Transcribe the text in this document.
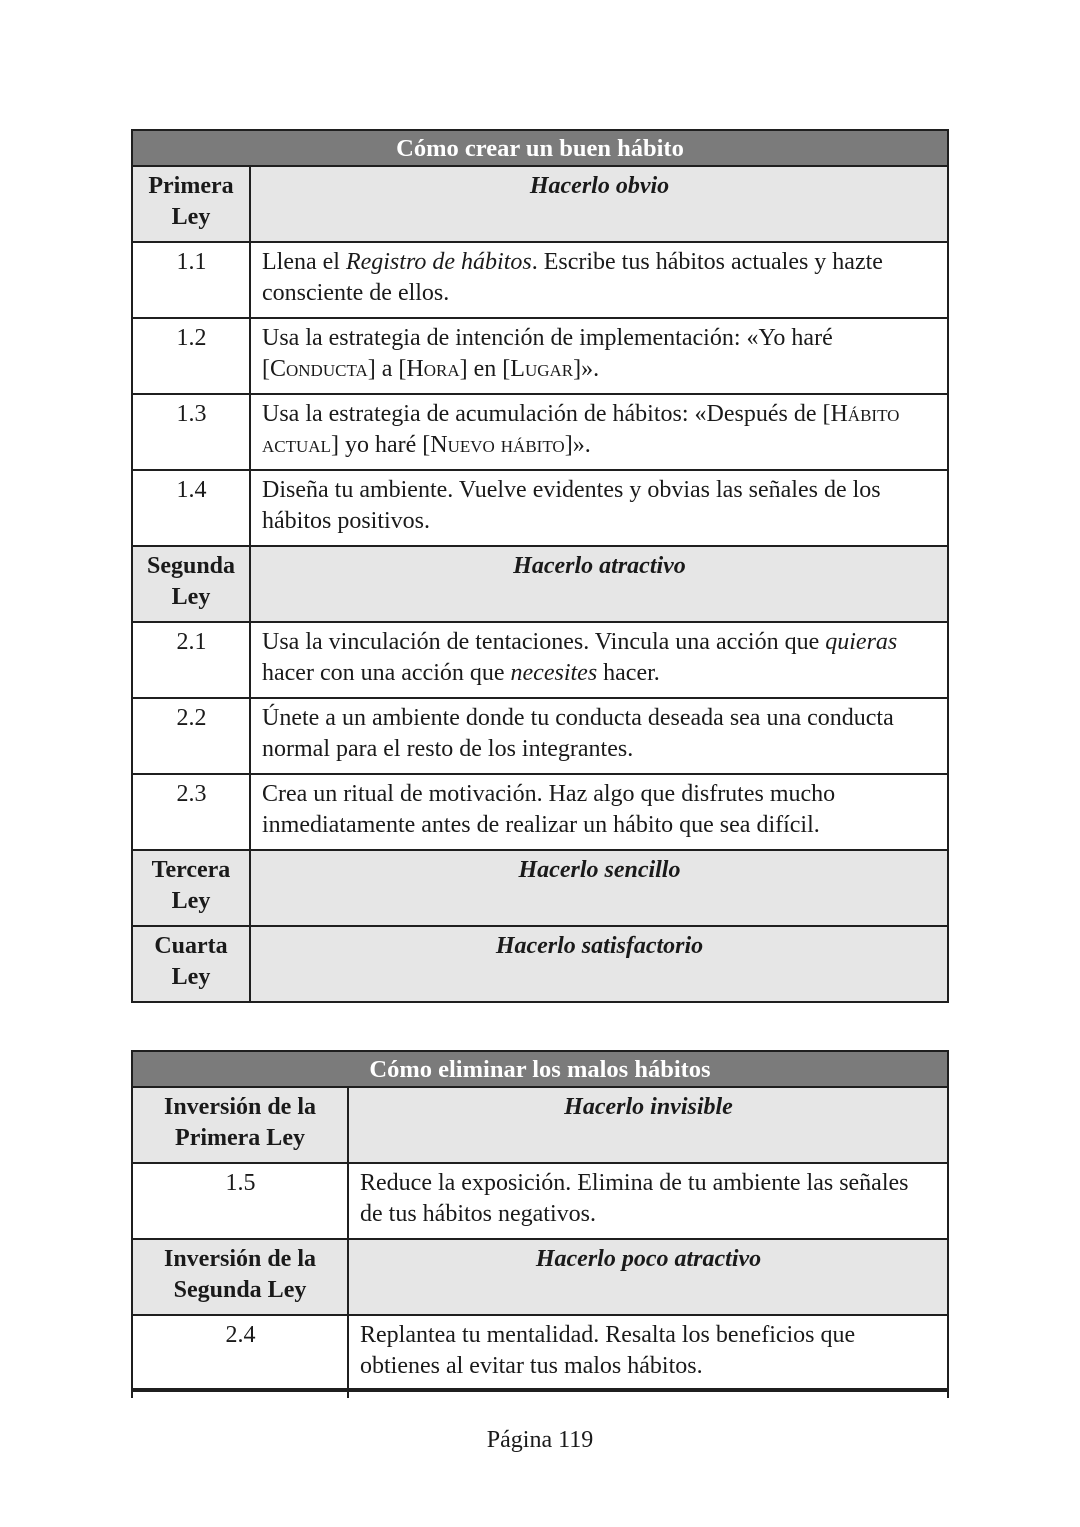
Cómo crear un buen hábito	
Primera Ley	Hacerlo obvio
1.1	Llena el Registro de hábitos. Escribe tus hábitos actuales y hazte consciente de ellos.
1.2	Usa la estrategia de intención de implementación: «Yo haré [Conducta] a [Hora] en [Lugar]».
1.3	Usa la estrategia de acumulación de hábitos: «Después de [Hábito actual] yo haré [Nuevo hábito]».
1.4	Diseña tu ambiente. Vuelve evidentes y obvias las señales de los hábitos positivos.
Segunda Ley	Hacerlo atractivo
2.1	Usa la vinculación de tentaciones. Vincula una acción que quieras hacer con una acción que necesites hacer.
2.2	Únete a un ambiente donde tu conducta deseada sea una conducta normal para el resto de los integrantes.
2.3	Crea un ritual de motivación. Haz algo que disfrutes mucho inmediatamente antes de realizar un hábito que sea difícil.
Tercera Ley	Hacerlo sencillo
Cuarta Ley	Hacerlo satisfactorio
Cómo eliminar los malos hábitos	
Inversión de la Primera Ley	Hacerlo invisible
1.5	Reduce la exposición. Elimina de tu ambiente las señales de tus hábitos negativos.
Inversión de la Segunda Ley	Hacerlo poco atractivo
2.4	Replantea tu mentalidad. Resalta los beneficios que obtienes al evitar tus malos hábitos.
Página 119
